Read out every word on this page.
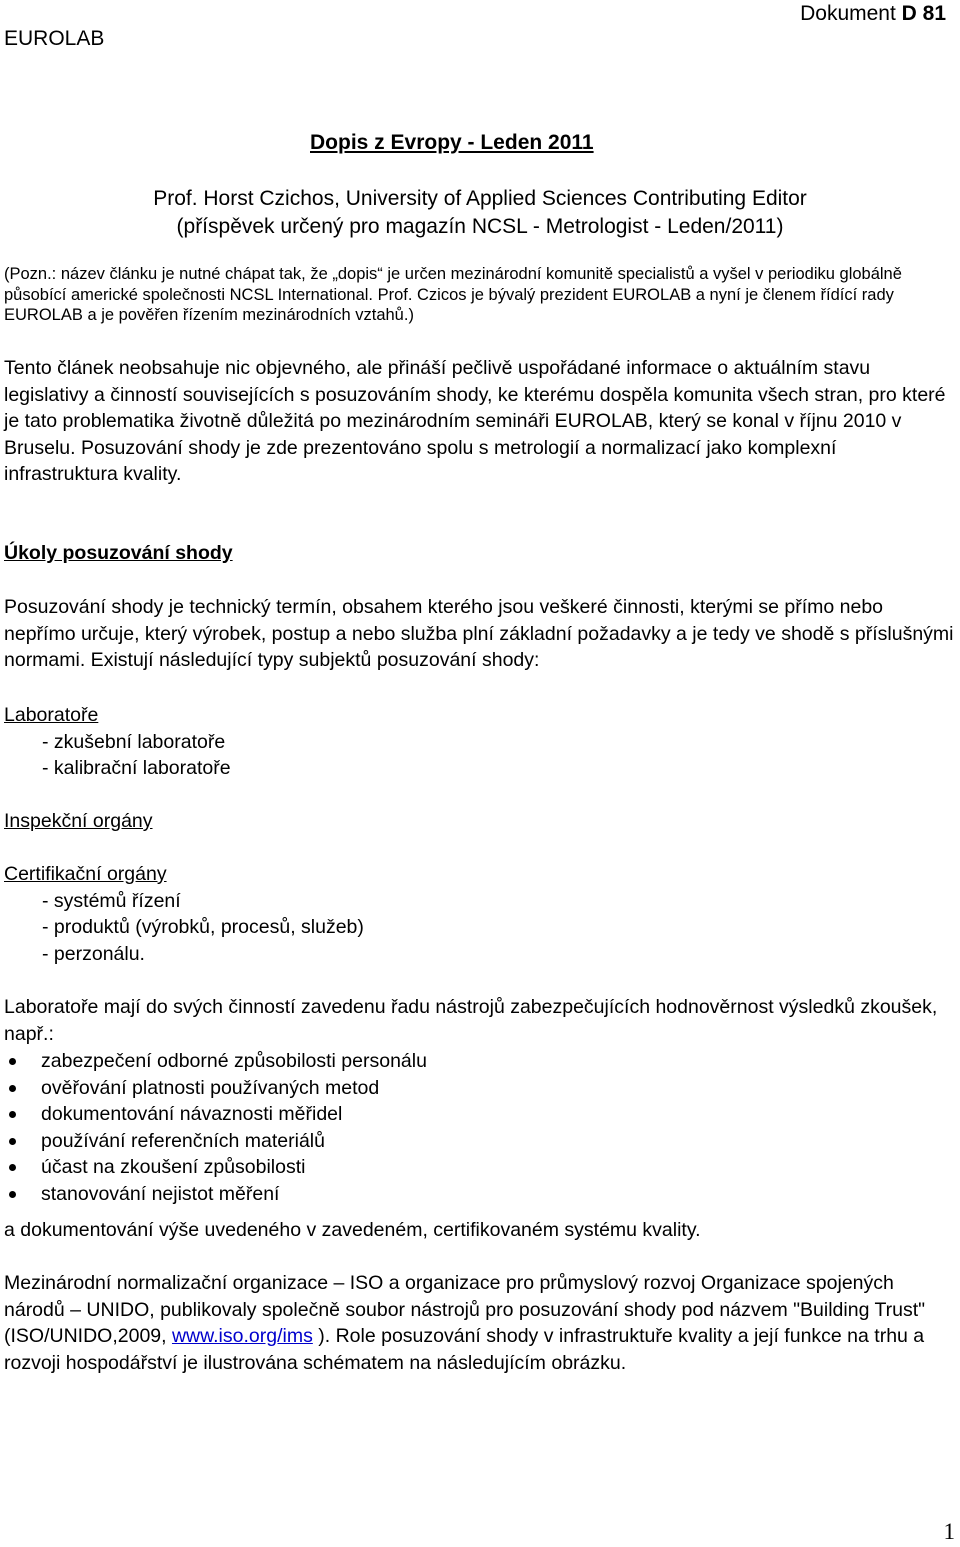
EUROLAB
Dokument D 81
Dopis z Evropy - Leden 2011
Prof. Horst Czichos, University of Applied Sciences Contributing Editor
(příspěvek určený pro magazín NCSL - Metrologist - Leden/2011)

(Pozn.: název článku je nutné chápat tak, že „dopis“ je určen mezinárodní komunitě specialistů a vyšel v periodiku globálně působící americké společnosti NCSL International. Prof. Czicos je bývalý prezident EUROLAB a nyní je členem řídící rady EUROLAB a je pověřen řízením mezinárodních vztahů.)

Tento článek neobsahuje nic objevného, ale přináší pečlivě uspořádané informace o aktuálním stavu legislativy a činností souvisejících s posuzováním shody, ke kterému dospěla komunita všech stran, pro které je tato problematika životně důležitá po mezinárodním semináři EUROLAB, který se konal v říjnu 2010 v Bruselu. Posuzování shody je zde prezentováno spolu s metrologií a normalizací jako komplexní infrastruktura kvality.

Úkoly posuzování shody

Posuzování shody je technický termín, obsahem kterého jsou veškeré činnosti, kterými se přímo nebo nepřímo určuje, který výrobek, postup a nebo služba plní základní požadavky a je tedy ve shodě s příslušnými normami. Existují následující typy subjektů posuzování shody:

Laboratoře
- zkušební laboratoře
- kalibrační laboratoře
Inspekční orgány
Certifikační orgány
- systémů řízení
- produktů (výrobků, procesů, služeb)
- perzonálu.

Laboratoře mají do svých činností zavedenu řadu nástrojů zabezpečujících hodnověrnost výsledků zkoušek, např.:

zabezpečení odborné způsobilosti personálu
ověřování platnosti používaných metod
dokumentování návaznosti měřidel
používání referenčních materiálů
účast na zkoušení způsobilosti
stanovování nejistot měření

a dokumentování výše uvedeného v zavedeném, certifikovaném systému kvality.

Mezinárodní normalizační organizace – ISO a organizace pro průmyslový rozvoj Organizace spojených národů – UNIDO, publikovaly společně soubor nástrojů pro posuzování shody pod názvem "Building Trust" (ISO/UNIDO,2009, www.iso.org/ims ). Role posuzování shody v infrastruktuře kvality a její funkce na trhu a rozvoji hospodářství je ilustrována schématem na následujícím obrázku.

1
